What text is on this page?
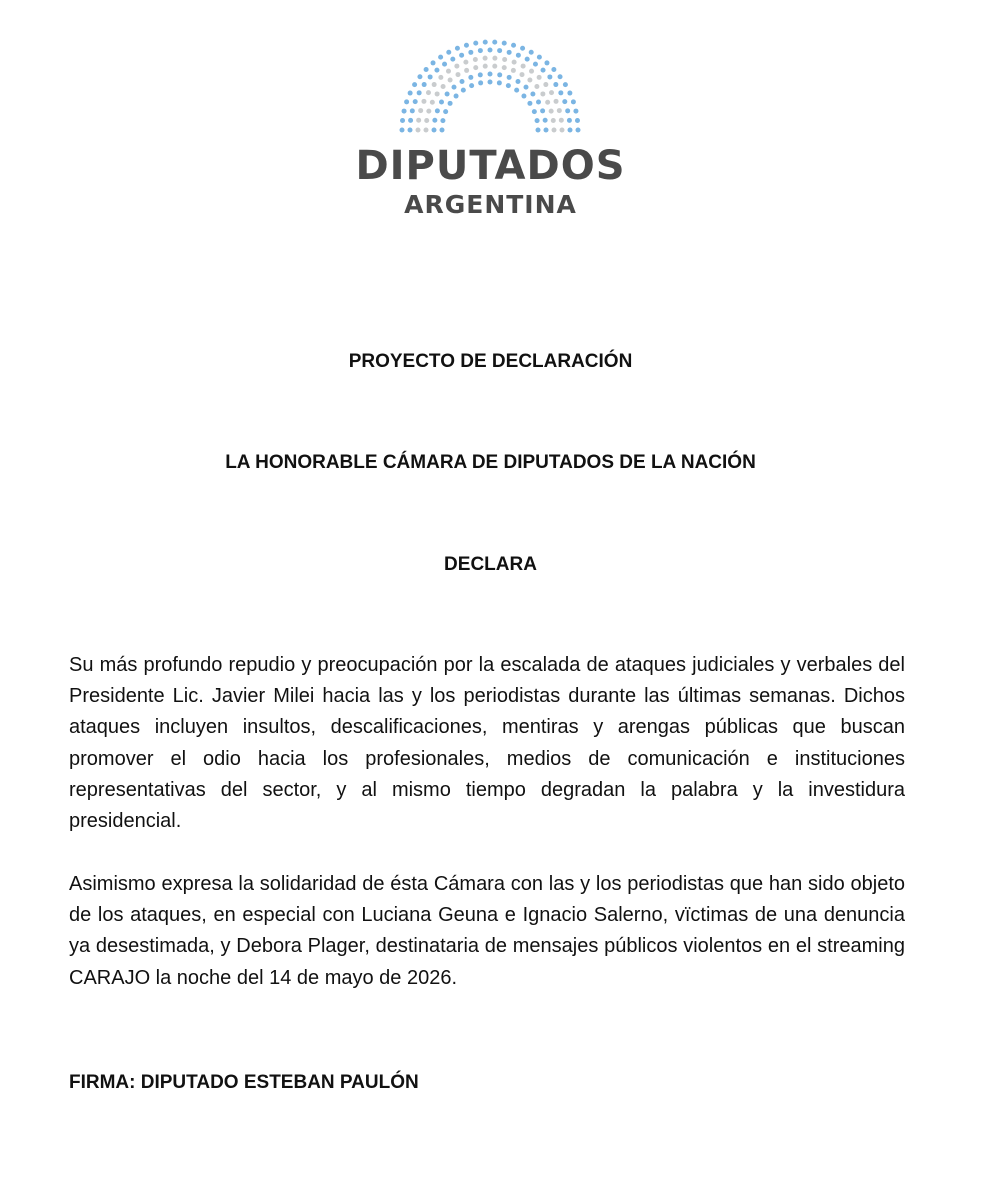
DIPUTADOS
ARGENTINA
PROYECTO DE DECLARACIÓN
LA HONORABLE CÁMARA DE DIPUTADOS DE LA NACIÓN
DECLARA
Su más profundo repudio y preocupación por la escalada de ataques judiciales y verbales del Presidente Lic. Javier Milei hacia las y los periodistas durante las últimas semanas. Dichos ataques incluyen insultos, descalificaciones, mentiras y arengas públicas que buscan promover el odio hacia los profesionales, medios de comunicación e instituciones representativas del sector, y al mismo tiempo degradan la palabra y la investidura presidencial.
Asimismo expresa la solidaridad de ésta Cámara con las y los periodistas que han sido objeto de los ataques, en especial con Luciana Geuna e Ignacio Salerno, vïctimas de una denuncia ya desestimada, y Debora Plager, destinataria de mensajes públicos violentos en el streaming CARAJO la noche del 14 de mayo de 2026.
FIRMA: DIPUTADO ESTEBAN PAULÓN
